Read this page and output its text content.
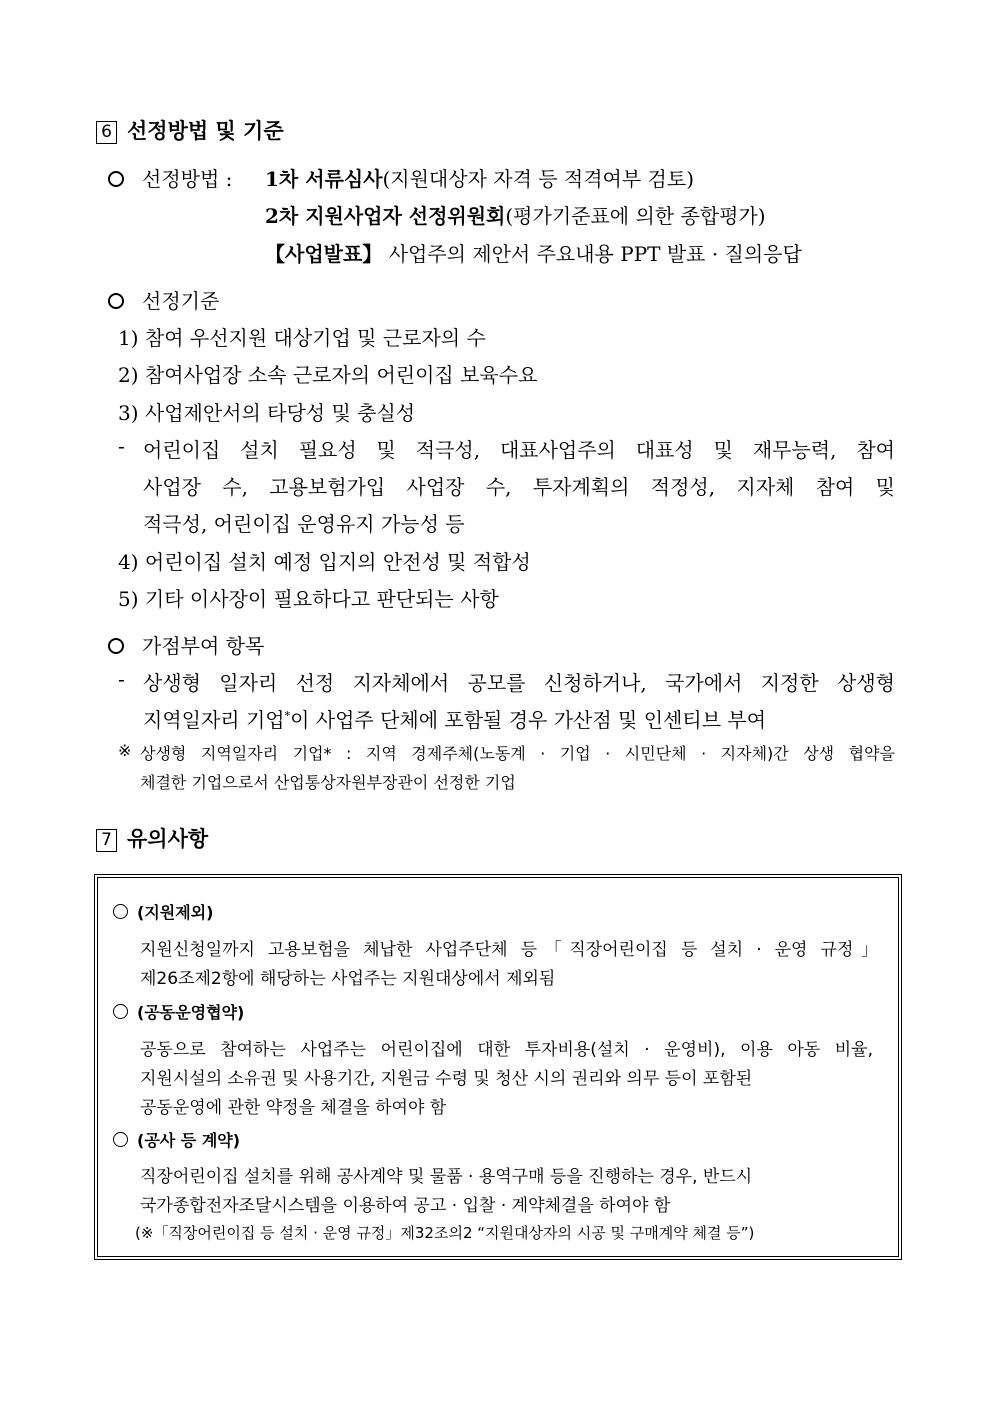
6 선정방법 및 기준
선정방법 : 1차 서류심사(지원대상자 자격 등 적격여부 검토)
2차 지원사업자 선정위원회(평가기준표에 의한 종합평가)
【사업발표】 사업주의 제안서 주요내용 PPT 발표 · 질의응답
선정기준
1) 참여 우선지원 대상기업 및 근로자의 수
2) 참여사업장 소속 근로자의 어린이집 보육수요
3) 사업제안서의 타당성 및 충실성
- 어린이집 설치 필요성 및 적극성, 대표사업주의 대표성 및 재무능력, 참여
사업장 수, 고용보험가입 사업장 수, 투자계획의 적정성, 지자체 참여 및
적극성, 어린이집 운영유지 가능성 등
4) 어린이집 설치 예정 입지의 안전성 및 적합성
5) 기타 이사장이 필요하다고 판단되는 사항
가점부여 항목
- 상생형 일자리 선정 지자체에서 공모를 신청하거나, 국가에서 지정한 상생형
지역일자리 기업*이 사업주 단체에 포함될 경우 가산점 및 인센티브 부여
※ 상생형 지역일자리 기업* : 지역 경제주체(노동계 · 기업 · 시민단체 · 지자체)간 상생 협약을
체결한 기업으로서 산업통상자원부장관이 선정한 기업
7 유의사항
(지원제외)
지원신청일까지 고용보험을 체납한 사업주단체 등「직장어린이집 등 설치 · 운영 규정」
제26조제2항에 해당하는 사업주는 지원대상에서 제외됨
(공동운영협약)
공동으로 참여하는 사업주는 어린이집에 대한 투자비용(설치 · 운영비), 이용 아동 비율,
지원시설의 소유권 및 사용기간, 지원금 수령 및 청산 시의 권리와 의무 등이 포함된
공동운영에 관한 약정을 체결을 하여야 함
(공사 등 계약)
직장어린이집 설치를 위해 공사계약 및 물품 · 용역구매 등을 진행하는 경우, 반드시
국가종합전자조달시스템을 이용하여 공고 · 입찰 · 계약체결을 하여야 함
(※「직장어린이집 등 설치 · 운영 규정」제32조의2 “지원대상자의 시공 및 구매계약 체결 등”)
